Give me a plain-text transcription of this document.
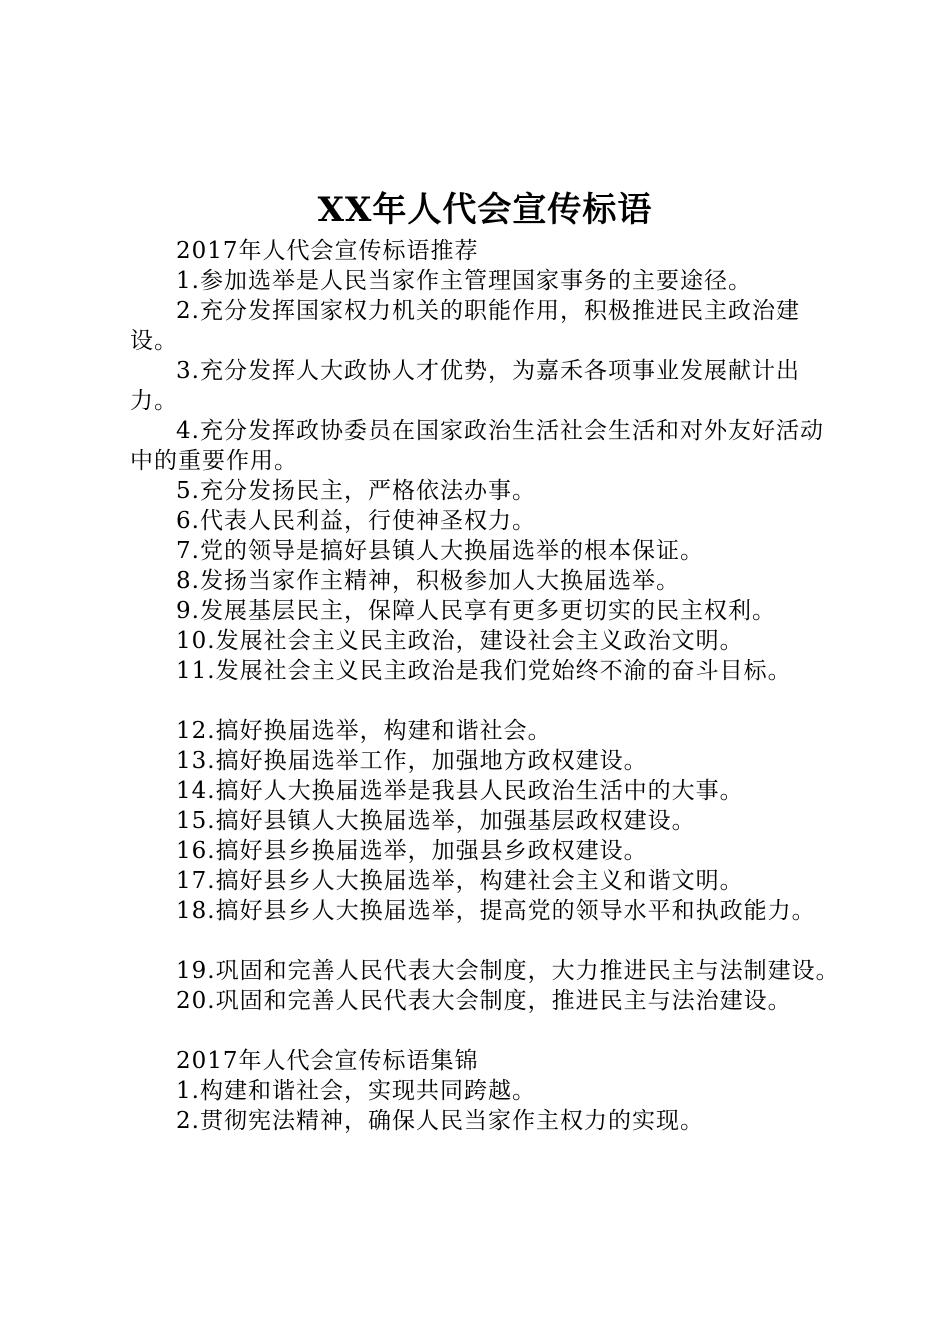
XX年人代会宣传标语

2017年人代会宣传标语推荐

1.参加选举是人民当家作主管理国家事务的主要途径。

2.充分发挥国家权力机关的职能作用，积极推进民主政治建设。

3.充分发挥人大政协人才优势，为嘉禾各项事业发展献计出力。

4.充分发挥政协委员在国家政治生活社会生活和对外友好活动中的重要作用。

5.充分发扬民主，严格依法办事。

6.代表人民利益，行使神圣权力。

7.党的领导是搞好县镇人大换届选举的根本保证。

8.发扬当家作主精神，积极参加人大换届选举。

9.发展基层民主，保障人民享有更多更切实的民主权利。

10.发展社会主义民主政治，建设社会主义政治文明。

11.发展社会主义民主政治是我们党始终不渝的奋斗目标。

12.搞好换届选举，构建和谐社会。

13.搞好换届选举工作，加强地方政权建设。

14.搞好人大换届选举是我县人民政治生活中的大事。

15.搞好县镇人大换届选举，加强基层政权建设。

16.搞好县乡换届选举，加强县乡政权建设。

17.搞好县乡人大换届选举，构建社会主义和谐文明。

18.搞好县乡人大换届选举，提高党的领导水平和执政能力。

19.巩固和完善人民代表大会制度，大力推进民主与法制建设。

20.巩固和完善人民代表大会制度，推进民主与法治建设。

2017年人代会宣传标语集锦

1.构建和谐社会，实现共同跨越。

2.贯彻宪法精神，确保人民当家作主权力的实现。
